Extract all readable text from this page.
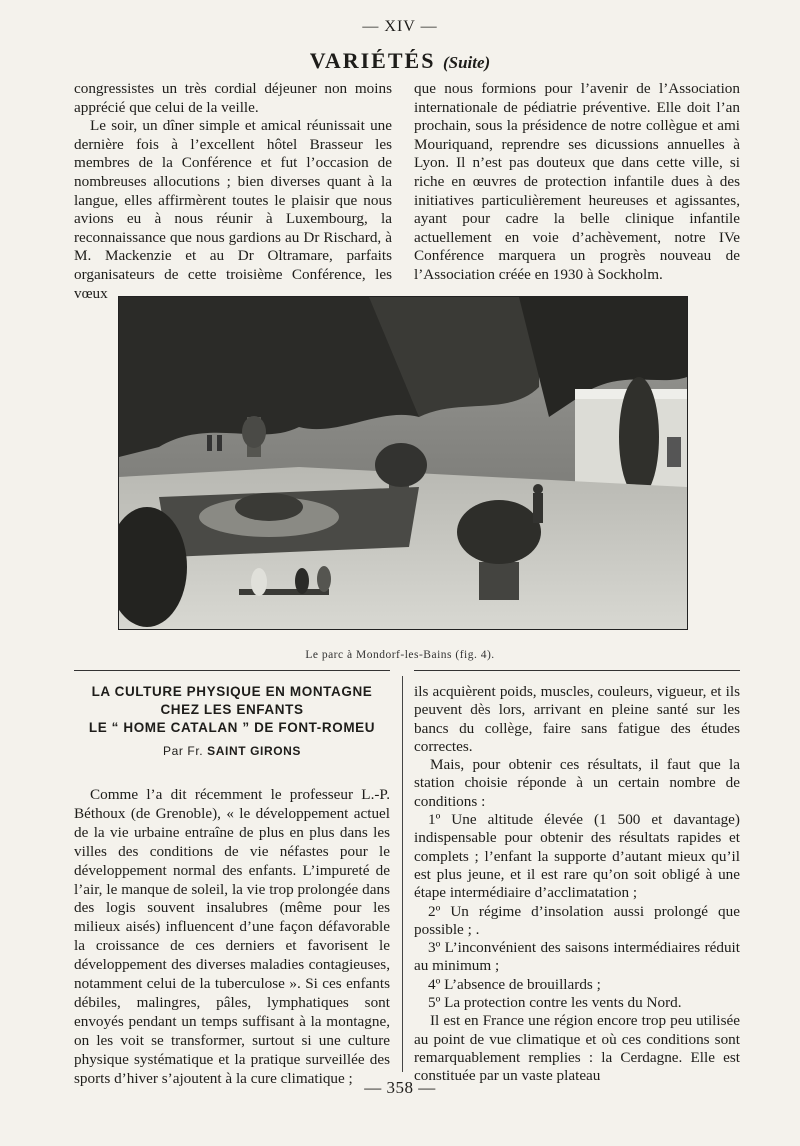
— XIV —
VARIÉTÉS (Suite)

congressistes un très cordial déjeuner non moins apprécié que celui de la veille.

Le soir, un dîner simple et amical réunissait une dernière fois à l’excellent hôtel Brasseur les membres de la Conférence et fut l’occasion de nombreuses allocutions ; bien diverses quant à la langue, elles affirmèrent toutes le plaisir que nous avions eu à nous réunir à Luxembourg, la reconnaissance que nous gardions au Dr Rischard, à M. Mackenzie et au Dr Oltramare, parfaits organisateurs de cette troisième Conférence, les vœux

que nous formions pour l’avenir de l’Association internationale de pédiatrie préventive. Elle doit l’an prochain, sous la présidence de notre collègue et ami Mouriquand, reprendre ses dicussions annuelles à Lyon. Il n’est pas douteux que dans cette ville, si riche en œuvres de protection infantile dues à des initiatives particulièrement heureuses et agissantes, ayant pour cadre la belle clinique infantile actuellement en voie d’achèvement, notre IVe Conférence marquera un progrès nouveau de l’Association créée en 1930 à Sockholm.

Le parc à Mondorf-les-Bains (fig. 4).
LA CULTURE PHYSIQUE EN MONTAGNE
CHEZ LES ENFANTS
LE “ HOME CATALAN ” DE FONT-ROMEU
Par Fr. SAINT GIRONS

Comme l’a dit récemment le professeur L.-P. Béthoux (de Grenoble), « le développement actuel de la vie urbaine entraîne de plus en plus dans les villes des conditions de vie néfastes pour le développement normal des enfants. L’impureté de l’air, le manque de soleil, la vie trop prolongée dans des logis souvent insalubres (même pour les milieux aisés) influencent d’une façon défavorable la croissance de ces derniers et favorisent le développement des diverses maladies contagieuses, notamment celui de la tuberculose ». Si ces enfants débiles, malingres, pâles, lymphatiques sont envoyés pendant un temps suffisant à la montagne, on les voit se transformer, surtout si une culture physique systématique et la pratique surveillée des sports d’hiver s’ajoutent à la cure climatique ;

ils acquièrent poids, muscles, couleurs, vigueur, et ils peuvent dès lors, arrivant en pleine santé sur les bancs du collège, faire sans fatigue des études correctes.

Mais, pour obtenir ces résultats, il faut que la station choisie réponde à un certain nombre de conditions :

1º Une altitude élevée (1 500 et davantage) indispensable pour obtenir des résultats rapides et complets ; l’enfant la supporte d’autant mieux qu’il est plus jeune, et il est rare qu’on soit obligé à une étape intermédiaire d’acclimatation ;

2º Un régime d’insolation aussi prolongé que possible ; .

3º L’inconvénient des saisons intermédiaires réduit au minimum ;

4º L’absence de brouillards ;

5º La protection contre les vents du Nord.

Il est en France une région encore trop peu utilisée au point de vue climatique et où ces conditions sont remarquablement remplies : la Cerdagne. Elle est constituée par un vaste plateau

— 358 —
